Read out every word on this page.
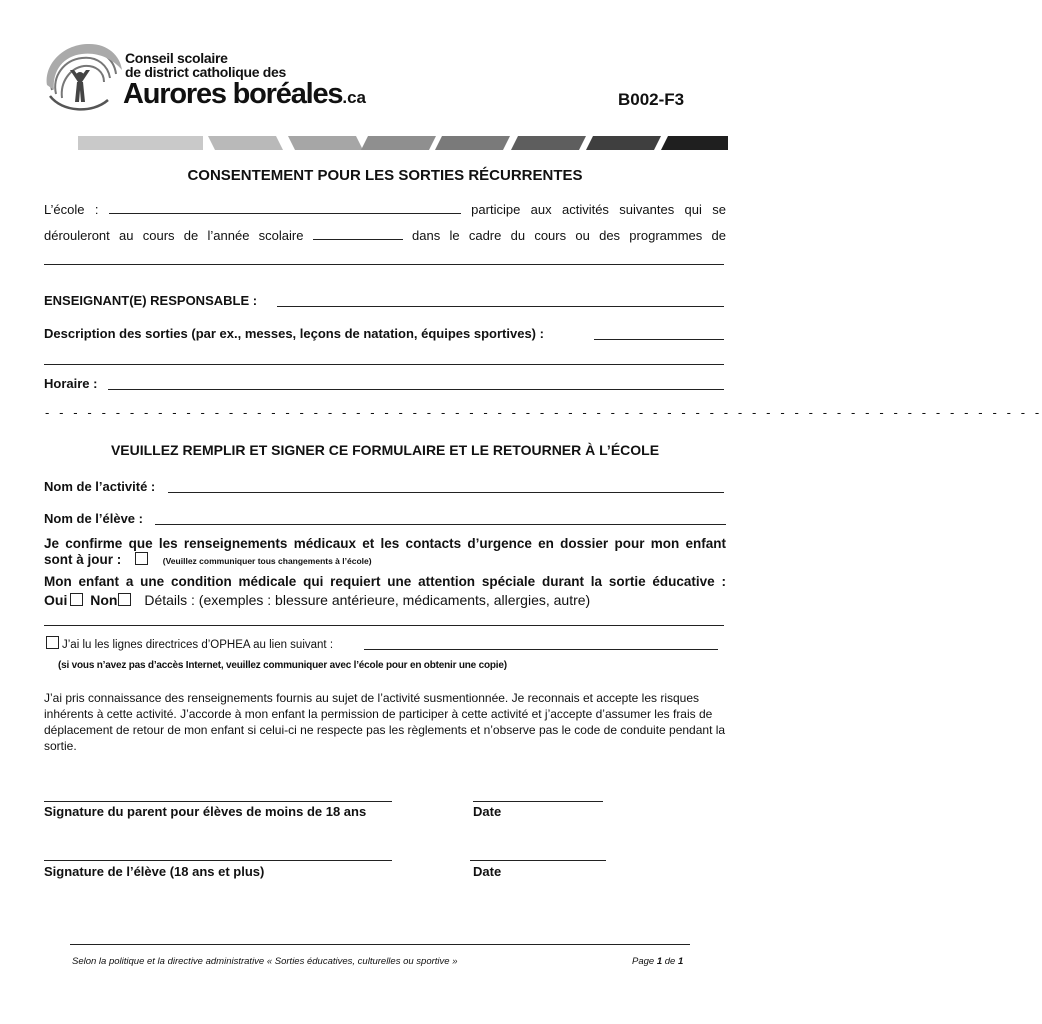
Conseil scolaire
de district catholique des
Aurores boréales.ca	B002-F3
CONSENTEMENT POUR LES SORTIES RÉCURRENTES
L’école :	participe aux activités suivantes qui se
dérouleront au cours de l’année scolaire	dans le cadre du cours ou des programmes de
ENSEIGNANT(E) RESPONSABLE :
Description des sorties (par ex., messes, leçons de natation, équipes sportives) :
Horaire :
- - - - - - - - - - - - - - - - - - - - - - - - - - - - - - - - - - - - - - - - - - - - - - - - - - - - - - - - - - - - - - - - - - - - - - -
VEUILLEZ REMPLIR ET SIGNER CE FORMULAIRE ET LE RETOURNER À L’ÉCOLE
Nom de l’activité :
Nom de l’élève :
Je confirme que les renseignements médicaux et les contacts d’urgence en dossier pour mon enfant
sont à jour :	(Veuillez communiquer tous changements à l’école)
Mon enfant a une condition médicale qui requiert une attention spéciale durant la sortie éducative :
Oui Non Détails : (exemples : blessure antérieure, médicaments, allergies, autre)
J’ai lu les lignes directrices d’OPHEA au lien suivant :
(si vous n’avez pas d’accès Internet, veuillez communiquer avec l’école pour en obtenir une copie)
J’ai pris connaissance des renseignements fournis au sujet de l’activité susmentionnée. Je reconnais et accepte les risques inhérents à cette activité. J’accorde à mon enfant la permission de participer à cette activité et j’accepte d’assumer les frais de déplacement de retour de mon enfant si celui-ci ne respecte pas les règlements et n’observe pas le code de conduite pendant la sortie.
Signature du parent pour élèves de moins de 18 ans	Date
Signature de l’élève (18 ans et plus)	Date
Selon la politique et la directive administrative « Sorties éducatives, culturelles ou sportive »	Page 1 de 1
